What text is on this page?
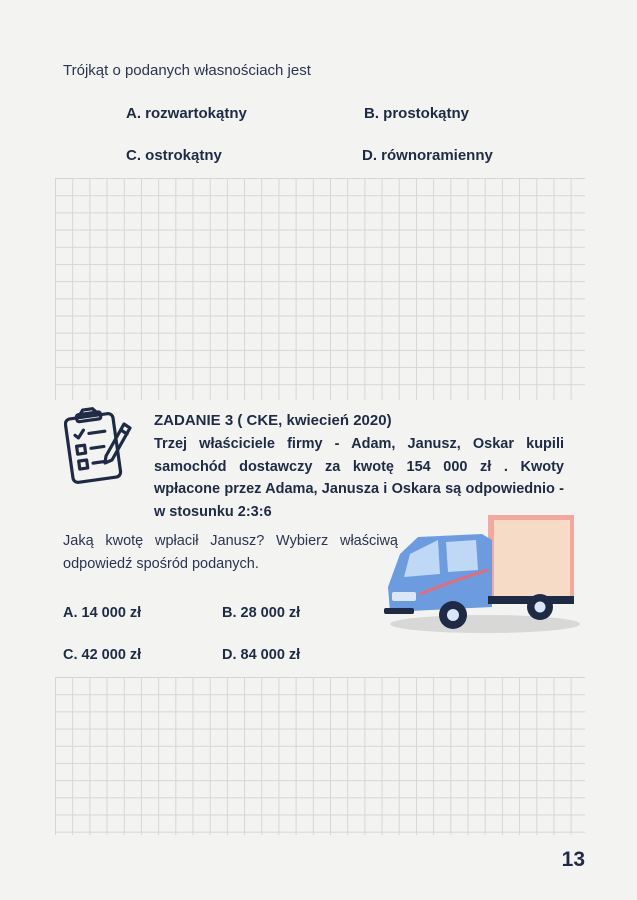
Trójkąt o podanych własnościach jest
A. rozwartokątny	B. prostokątny
C. ostrokątny	D. równoramienny
ZADANIE 3 ( CKE, kwiecień 2020)
Trzej właściciele firmy - Adam, Janusz, Oskar kupili samochód dostawczy za kwotę 154 000 zł . Kwoty wpłacone przez Adama, Janusza i Oskara są odpowiednio - w stosunku 2:3:6
Jaką kwotę wpłacił Janusz? Wybierz właściwą odpowiedź spośród podanych.
A. 14 000 zł	B. 28 000 zł
C. 42 000 zł	D. 84 000 zł
13
